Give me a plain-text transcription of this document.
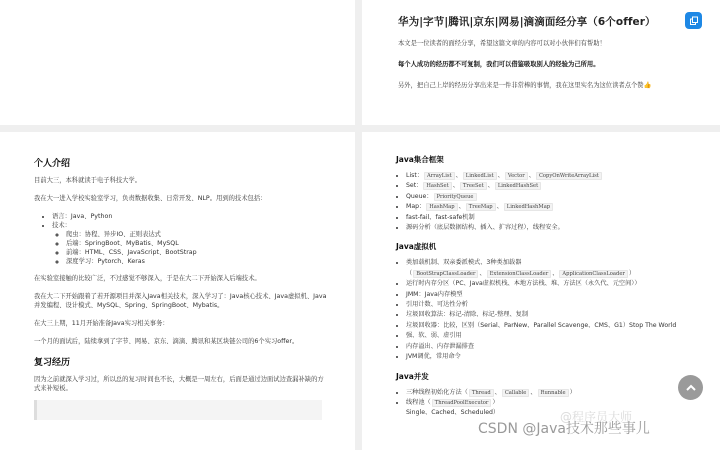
华为|字节|腾讯|京东|网易|滴滴面经分享（6个offer）
本文是一位读者的面经分享，希望这篇文章的内容可以对小伙伴们有帮助！
每个人成功的经历都不可复制，我们可以借鉴吸取别人的经验为己所用。
另外，把自己上岸的经历分享出来是一件非常棒的事情，我在这里实名为这位读者点个赞👍
个人介绍
目前大三，本科就读于电子科技大学。
我在大一进入学校实验室学习，负责数据收集、日常开发、NLP。用到的技术包括：
• 语言：Java、Python
• 技术：
◦ 爬虫：协程、异步IO、正则表达式
◦ 后端：SpringBoot、MyBatis、MySQL
◦ 前端：HTML、CSS、JavaScript、BootStrap
◦ 深度学习：Pytorch、Keras
在实验室接触的比较广泛，不过感觉不够深入，于是在大二下开始深入后端技术。
我在大二下开始跟着了若开源项目并深入Java相关技术，深入学习了：Java核心技术、Java虚拟机、Java并发编程、设计模式、MySQL、Spring、SpringBoot、Mybatis。
在大三上期，11月开始准备Java实习相关事务：
一个月的面试后，陆续拿到了字节、网易、京东、滴滴、腾讯和某区块链公司的6个实习offer。
复习经历
因为之前就深入学习过，所以总的复习时间也不长，大概是一周左右，后面是通过边面试边查漏补缺的方式来补短板。
Java集合框架
• List： ArrayList 、 LinkedList 、 Vector 、 CopyOnWriteArrayList
• Set： HashSet 、 TreeSet 、 LinkedHashSet
• Queue： PriorityQueue
• Map： HashMap 、 TreeMap 、 LinkedHashMap
• fast-fail、fast-safe机制
• 源码分析（底层数据结构、插入、扩容过程），线程安全。
Java虚拟机
• 类加载机制、双亲委派模式、3种类加载器
（ BootStrapClassLoader 、 ExtensionClassLoader 、 ApplicationClassLoader ）
• 运行时内存分区（PC、Java虚拟机栈、本地方法栈、堆、方法区（永久代、元空间））
• JMM：Java内存模型
• 引用计数、可达性分析
• 垃圾回收算法：标记-清除、标记-整理、复制
• 垃圾回收器：比较，区别（Serial、ParNew、Parallel Scavenge、CMS、G1）Stop The World
• 强、软、弱、虚引用
• 内存溢出、内存泄漏排查
• JVM调优，常用命令
Java并发
• 三种线程初始化方法（ Thread 、 Callable 、 Runnable ）
• 线程池（ ThreadPoolExecutor ）
Single、Cached、Scheduled）	@程序员大师
CSDN @Java技术那些事儿
